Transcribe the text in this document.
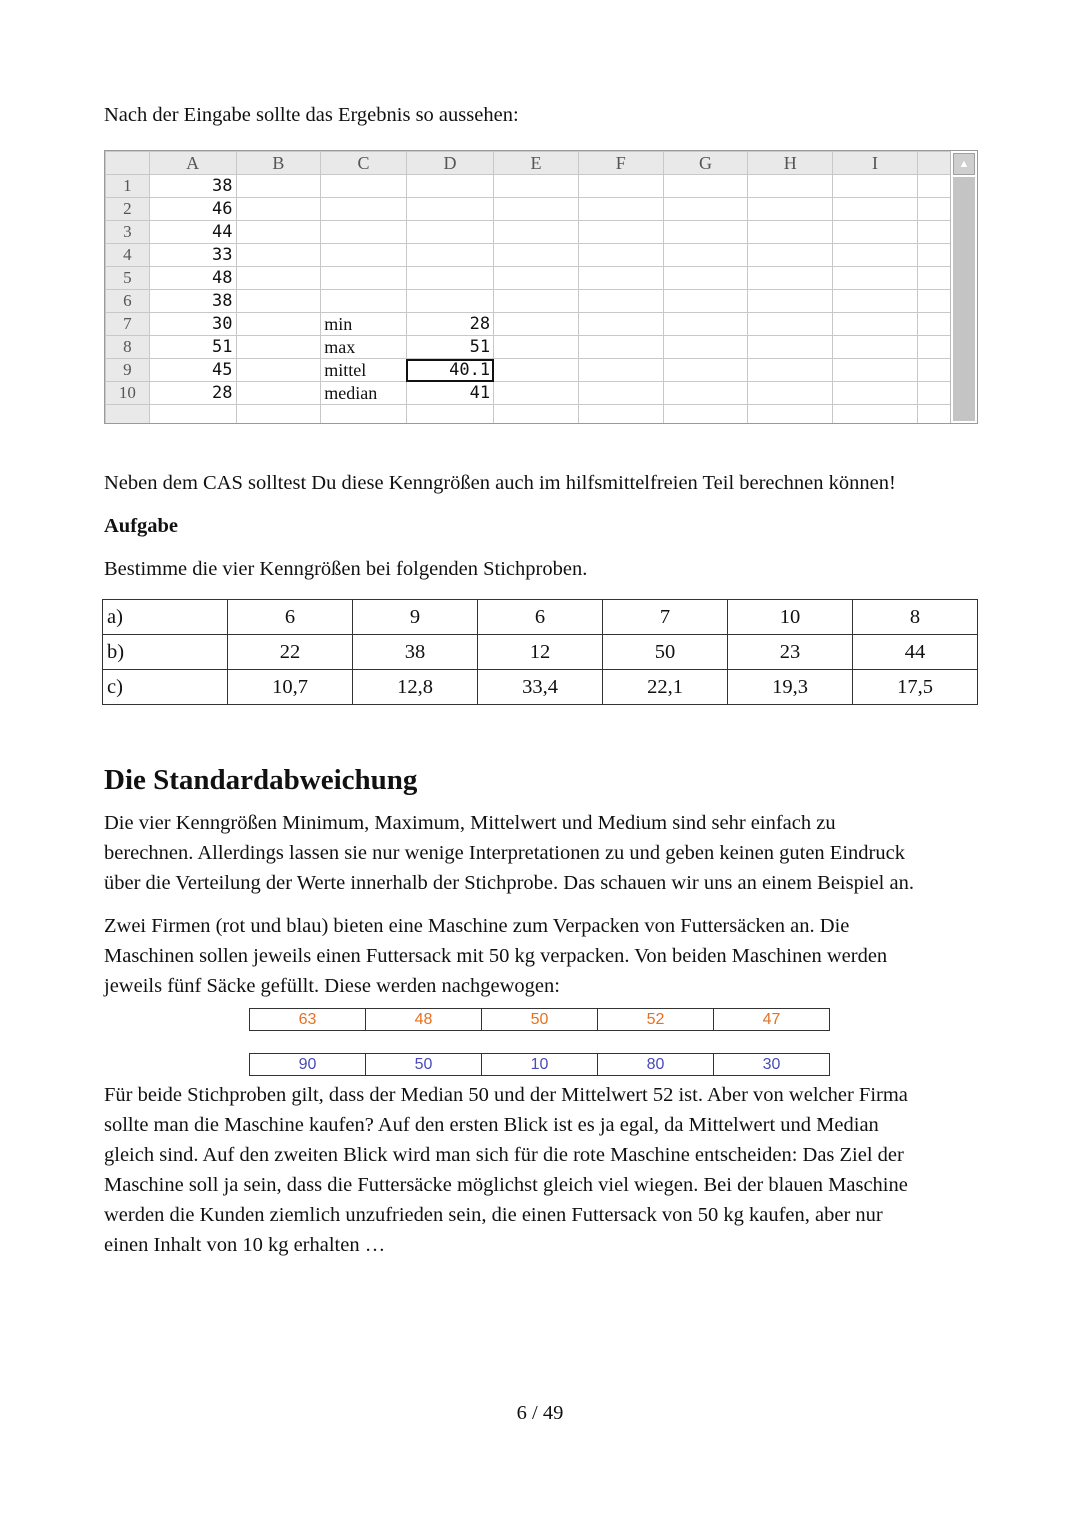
Nach der Eingabe sollte das Ergebnis so aussehen:

	A	B	C	D	E	F	G	H	I	
1	38									
2	46									
3	44									
4	33									
5	48									
6	38									
7	30		min	28						
8	51		max	51						
9	45		mittel	40.1						
10	28		median	41						

▲

Neben dem CAS solltest Du diese Kenngrößen auch im hilfsmittelfreien Teil berechnen können!

Aufgabe

Bestimme die vier Kenngrößen bei folgenden Stichproben.

a)	6	9	6	7	10	8
b)	22	38	12	50	23	44
c)	10,7	12,8	33,4	22,1	19,3	17,5
Die Standardabweichung

Die vier Kenngrößen Minimum, Maximum, Mittelwert und Medium sind sehr einfach zu

berechnen. Allerdings lassen sie nur wenige Interpretationen zu und geben keinen guten Eindruck

über die Verteilung der Werte innerhalb der Stichprobe. Das schauen wir uns an einem Beispiel an.

Zwei Firmen (rot und blau) bieten eine Maschine zum Verpacken von Futtersäcken an. Die

Maschinen sollen jeweils einen Futtersack mit 50 kg verpacken. Von beiden Maschinen werden

jeweils fünf Säcke gefüllt. Diese werden nachgewogen:

63	48	50	52	47
90	50	10	80	30

Für beide Stichproben gilt, dass der Median 50 und der Mittelwert 52 ist. Aber von welcher Firma

sollte man die Maschine kaufen? Auf den ersten Blick ist es ja egal, da Mittelwert und Median

gleich sind. Auf den zweiten Blick wird man sich für die rote Maschine entscheiden: Das Ziel der

Maschine soll ja sein, dass die Futtersäcke möglichst gleich viel wiegen. Bei der blauen Maschine

werden die Kunden ziemlich unzufrieden sein, die einen Futtersack von 50 kg kaufen, aber nur

einen Inhalt von 10 kg erhalten …

6 / 49
